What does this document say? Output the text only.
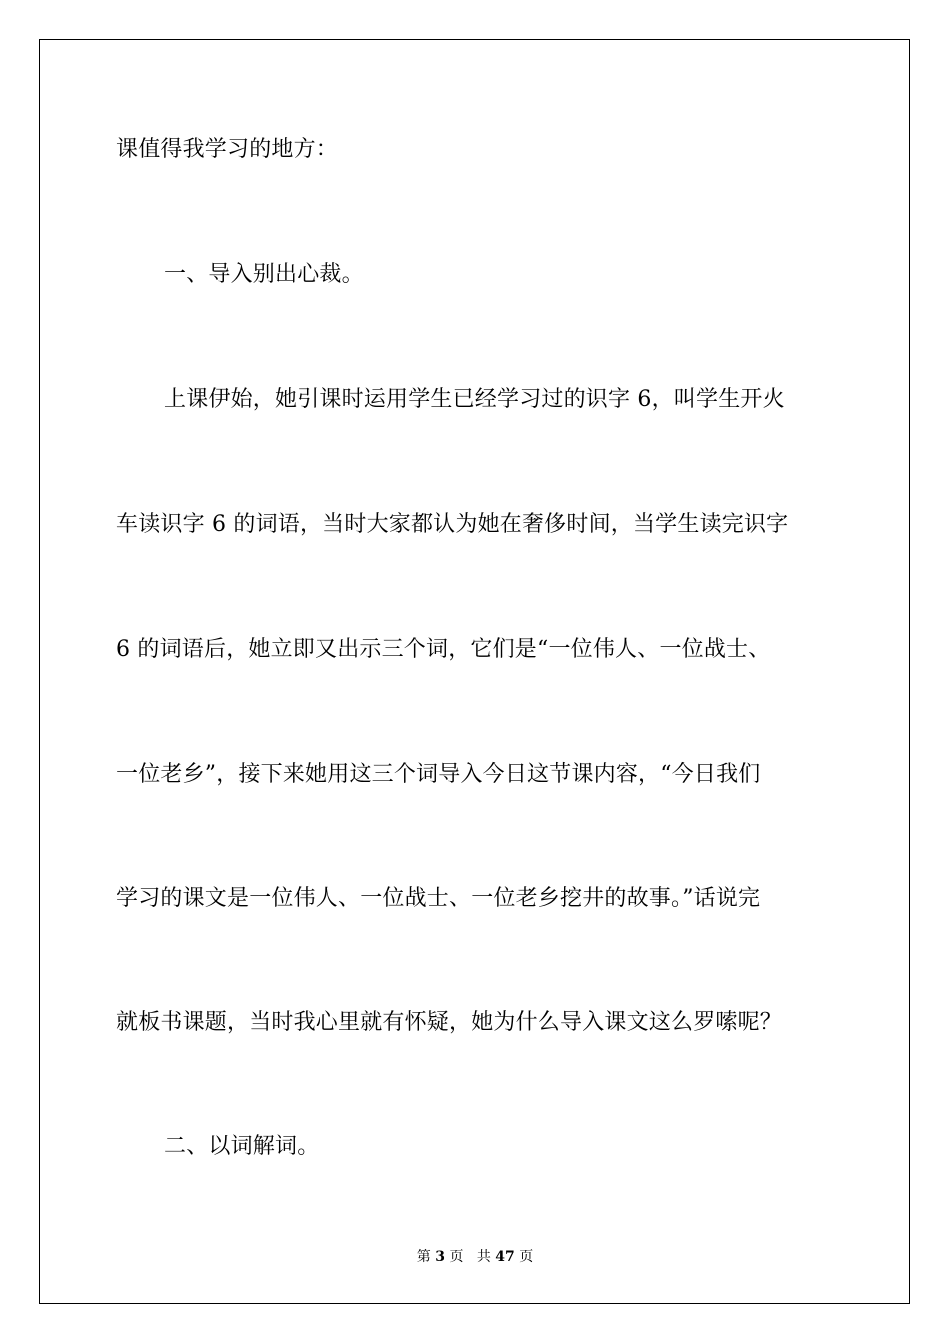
课值得我学习的地方：
一、导入别出心裁。
上课伊始，她引课时运用学生已经学习过的识字 6，叫学生开火
车读识字 6 的词语，当时大家都认为她在奢侈时间，当学生读完识字
6 的词语后，她立即又出示三个词，它们是“一位伟人、一位战士、
一位老乡”，接下来她用这三个词导入今日这节课内容，“今日我们
学习的课文是一位伟人、一位战士、一位老乡挖井的故事。”话说完
就板书课题，当时我心里就有怀疑，她为什么导入课文这么罗嗦呢？
二、以词解词。
第 3 页 共 47 页
